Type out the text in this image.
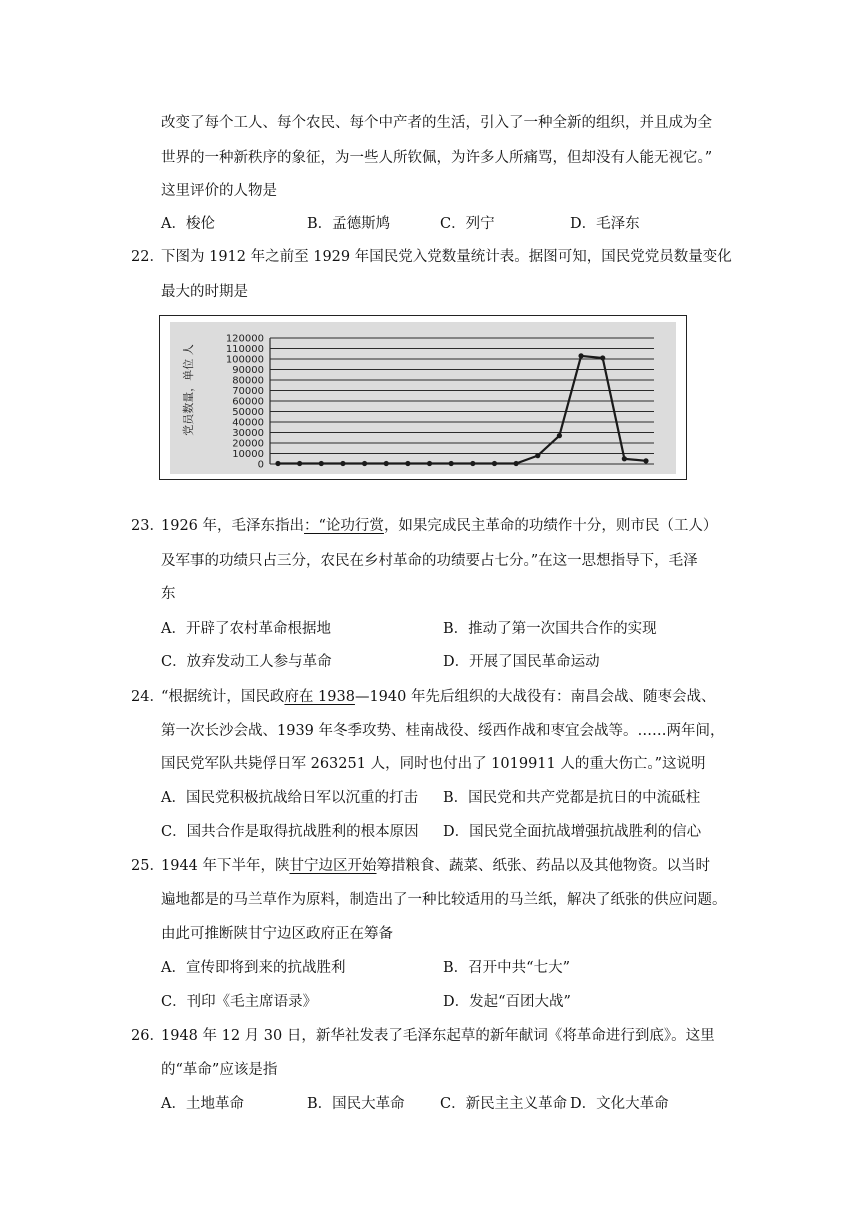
改变了每个工人、每个农民、每个中产者的生活，引入了一种全新的组织，并且成为全
世界的一种新秩序的象征，为一些人所钦佩，为许多人所痛骂，但却没有人能无视它。”
这里评价的人物是
A．梭伦	B．孟德斯鸠	C．列宁	D．毛泽东
22．
下图为 1912 年之前至 1929 年国民党入党数量统计表。据图可知，国民党党员数量变化
最大的时期是
党员数量，单位 人
0
10000
20000
30000
40000
50000
60000
70000
80000
90000
100000
110000
120000
23．
1926 年，毛泽东指出：“论功行赏，如果完成民主革命的功绩作十分，则市民（工人）
及军事的功绩只占三分，农民在乡村革命的功绩要占七分。”在这一思想指导下，毛泽
东
A．开辟了农村革命根据地	B．推动了第一次国共合作的实现
C．放弃发动工人参与革命	D．开展了国民革命运动
24．
“根据统计，国民政府在 1938—1940 年先后组织的大战役有：南昌会战、随枣会战、
第一次长沙会战、1939 年冬季攻势、桂南战役、绥西作战和枣宜会战等。……两年间，
国民党军队共毙俘日军 263251 人，同时也付出了 1019911 人的重大伤亡。”这说明
A．国民党积极抗战给日军以沉重的打击 B．国民党和共产党都是抗日的中流砥柱
C．国共合作是取得抗战胜利的根本原因 D．国民党全面抗战增强抗战胜利的信心
25．
1944 年下半年，陕甘宁边区开始筹措粮食、蔬菜、纸张、药品以及其他物资。以当时
遍地都是的马兰草作为原料，制造出了一种比较适用的马兰纸，解决了纸张的供应问题。
由此可推断陕甘宁边区政府正在筹备
A．宣传即将到来的抗战胜利	B．召开中共“七大”
C．刊印《毛主席语录》	D．发起“百团大战”
26．
1948 年 12 月 30 日，新华社发表了毛泽东起草的新年献词《将革命进行到底》。这里
的“革命”应该是指
A．土地革命	B．国民大革命 C．新民主主义革命 D．文化大革命
